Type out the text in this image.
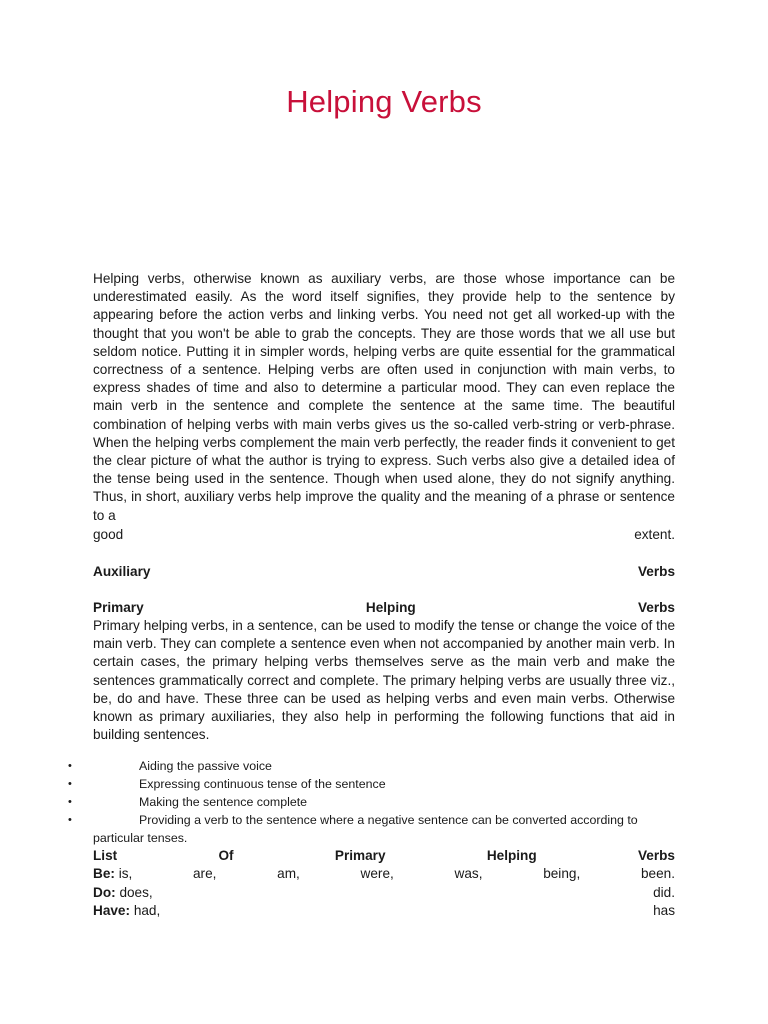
Helping Verbs

Helping verbs, otherwise known as auxiliary verbs, are those whose importance can be underestimated easily. As the word itself signifies, they provide help to the sentence by appearing before the action verbs and linking verbs. You need not get all worked-up with the thought that you won't be able to grab the concepts. They are those words that we all use but seldom notice. Putting it in simpler words, helping verbs are quite essential for the grammatical correctness of a sentence. Helping verbs are often used in conjunction with main verbs, to express shades of time and also to determine a particular mood. They can even replace the main verb in the sentence and complete the sentence at the same time. The beautiful combination of helping verbs with main verbs gives us the so-called verb-string or verb-phrase. When the helping verbs complement the main verb perfectly, the reader finds it convenient to get the clear picture of what the author is trying to express. Such verbs also give a detailed idea of the tense being used in the sentence. Though when used alone, they do not signify anything. Thus, in short, auxiliary verbs help improve the quality and the meaning of a phrase or sentence to a

good	extent.
Auxiliary	Verbs
Primary	Helping	Verbs

Primary helping verbs, in a sentence, can be used to modify the tense or change the voice of the main verb. They can complete a sentence even when not accompanied by another main verb. In certain cases, the primary helping verbs themselves serve as the main verb and make the sentences grammatically correct and complete. The primary helping verbs are usually three viz., be, do and have. These three can be used as helping verbs and even main verbs. Otherwise known as primary auxiliaries, they also help in performing the following functions that aid in building sentences.

•	Aiding the passive voice
•	Expressing continuous tense of the sentence
•	Making the sentence complete
•	Providing a verb to the sentence where a negative sentence can be converted according to particular tenses.
List	Of	Primary	Helping	Verbs
Be: is,	are,	am,	were,	was,	being,	been.
Do: does,	did.
Have: had,	has
